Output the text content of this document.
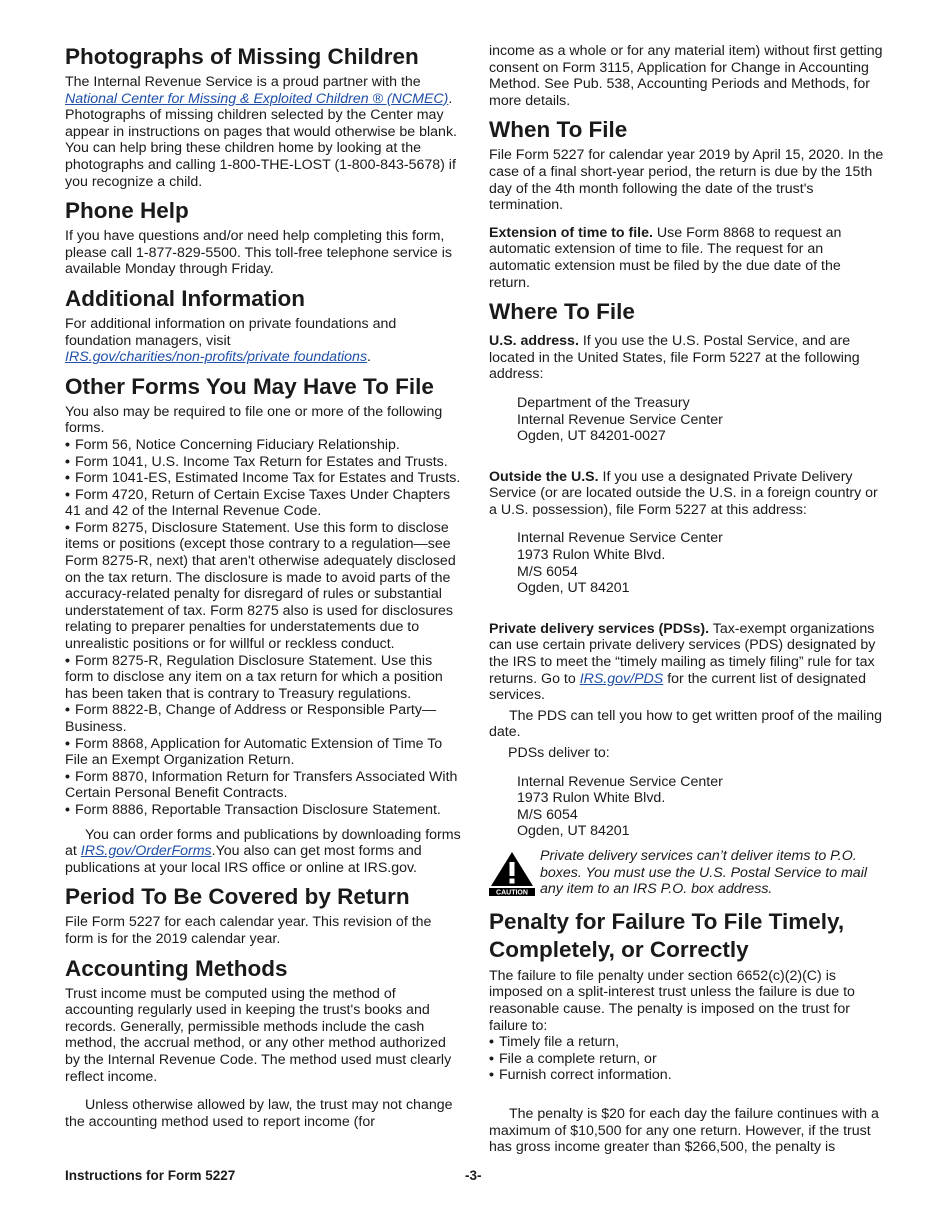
Photographs of Missing Children

The Internal Revenue Service is a proud partner with the National Center for Missing & Exploited Children ® (NCMEC). Photographs of missing children selected by the Center may appear in instructions on pages that would otherwise be blank. You can help bring these children home by looking at the photographs and calling 1-800-THE-LOST (1-800-843-5678) if you recognize a child.

Phone Help

If you have questions and/or need help completing this form, please call 1-877-829-5500. This toll-free telephone service is available Monday through Friday.

Additional Information

For additional information on private foundations and foundation managers, visit
IRS.gov/charities/non-profits/private foundations.

Other Forms You May Have To File

You also may be required to file one or more of the following forms.

• Form 56, Notice Concerning Fiduciary Relationship.
• Form 1041, U.S. Income Tax Return for Estates and Trusts.
• Form 1041-ES, Estimated Income Tax for Estates and Trusts.
• Form 4720, Return of Certain Excise Taxes Under Chapters 41 and 42 of the Internal Revenue Code.
• Form 8275, Disclosure Statement. Use this form to disclose items or positions (except those contrary to a regulation—see Form 8275-R, next) that aren't otherwise adequately disclosed on the tax return. The disclosure is made to avoid parts of the accuracy-related penalty for disregard of rules or substantial understatement of tax. Form 8275 also is used for disclosures relating to preparer penalties for understatements due to unrealistic positions or for willful or reckless conduct.
• Form 8275-R, Regulation Disclosure Statement. Use this form to disclose any item on a tax return for which a position has been taken that is contrary to Treasury regulations.
• Form 8822-B, Change of Address or Responsible Party—Business.
• Form 8868, Application for Automatic Extension of Time To File an Exempt Organization Return.
• Form 8870, Information Return for Transfers Associated With Certain Personal Benefit Contracts.
• Form 8886, Reportable Transaction Disclosure Statement.

You can order forms and publications by downloading forms at IRS.gov/OrderForms.You also can get most forms and publications at your local IRS office or online at IRS.gov.

Period To Be Covered by Return

File Form 5227 for each calendar year. This revision of the form is for the 2019 calendar year.

Accounting Methods

Trust income must be computed using the method of accounting regularly used in keeping the trust's books and records. Generally, permissible methods include the cash method, the accrual method, or any other method authorized by the Internal Revenue Code. The method used must clearly reflect income.

Unless otherwise allowed by law, the trust may not change the accounting method used to report income (for

income as a whole or for any material item) without first getting consent on Form 3115, Application for Change in Accounting Method. See Pub. 538, Accounting Periods and Methods, for more details.

When To File

File Form 5227 for calendar year 2019 by April 15, 2020. In the case of a final short-year period, the return is due by the 15th day of the 4th month following the date of the trust's termination.

Extension of time to file. Use Form 8868 to request an automatic extension of time to file. The request for an automatic extension must be filed by the due date of the return.

Where To File

U.S. address. If you use the U.S. Postal Service, and are located in the United States, file Form 5227 at the following address:

Department of the Treasury
Internal Revenue Service Center
Ogden, UT 84201-0027

Outside the U.S. If you use a designated Private Delivery Service (or are located outside the U.S. in a foreign country or a U.S. possession), file Form 5227 at this address:

Internal Revenue Service Center
1973 Rulon White Blvd.
M/S 6054
Ogden, UT 84201

Private delivery services (PDSs). Tax-exempt organizations can use certain private delivery services (PDS) designated by the IRS to meet the “timely mailing as timely filing” rule for tax returns. Go to IRS.gov/PDS for the current list of designated services.

The PDS can tell you how to get written proof of the mailing date.

PDSs deliver to:

Internal Revenue Service Center
1973 Rulon White Blvd.
M/S 6054
Ogden, UT 84201
CAUTION
Private delivery services can’t deliver items to P.O. boxes. You must use the U.S. Postal Service to mail any item to an IRS P.O. box address.
Penalty for Failure To File Timely, Completely, or Correctly

The failure to file penalty under section 6652(c)(2)(C) is imposed on a split-interest trust unless the failure is due to reasonable cause. The penalty is imposed on the trust for failure to:

• Timely file a return,
• File a complete return, or
• Furnish correct information.

The penalty is $20 for each day the failure continues with a maximum of $10,500 for any one return. However, if the trust has gross income greater than $266,500, the penalty is

Instructions for Form 5227	-3-
